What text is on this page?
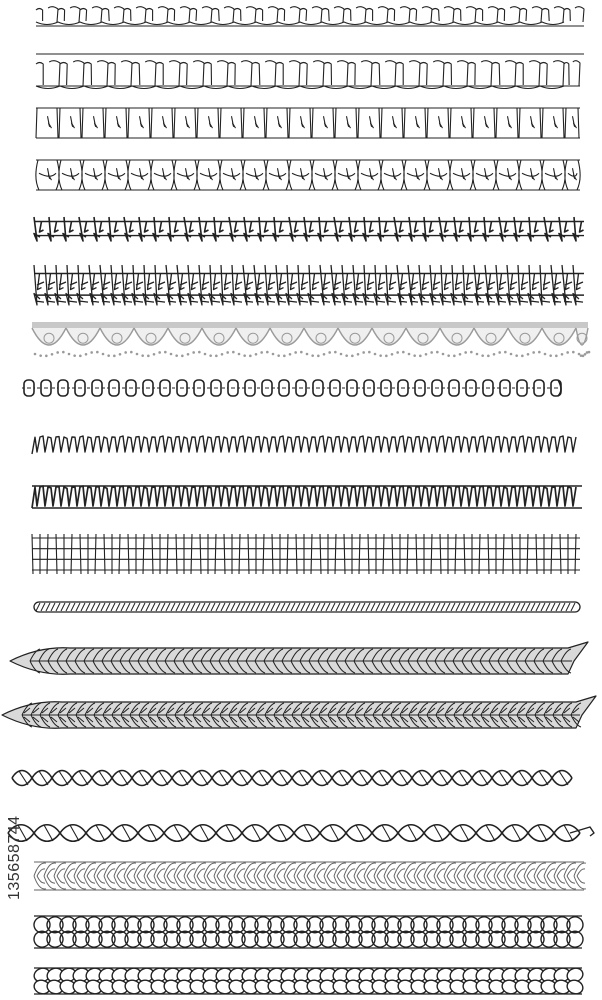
135658744
